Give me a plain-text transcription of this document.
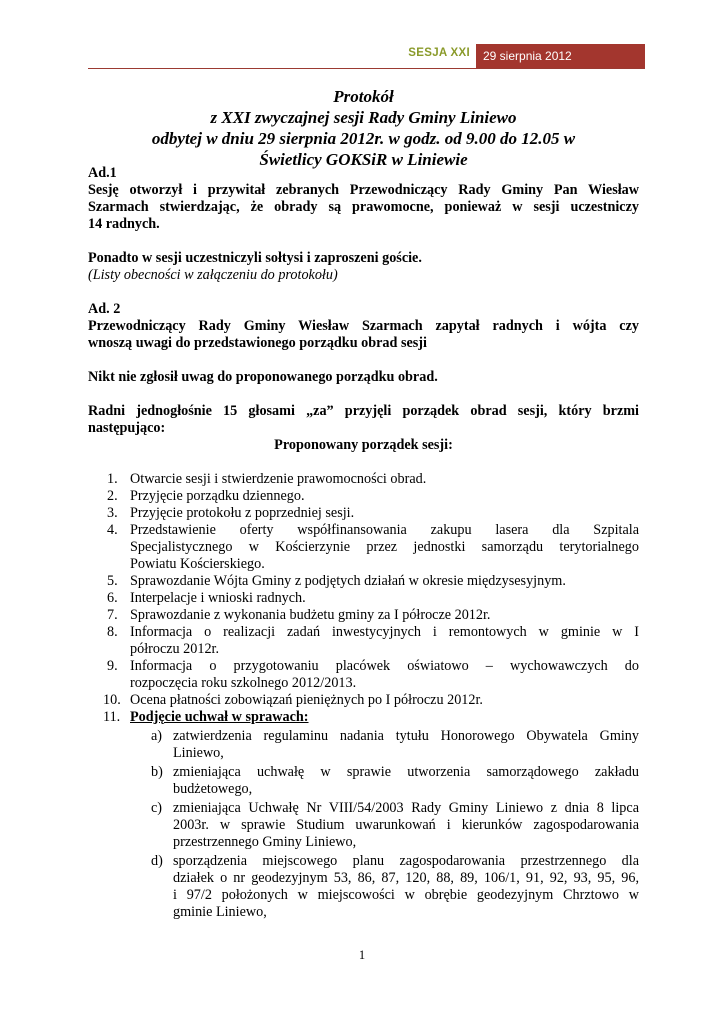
SESJA XXI	29 sierpnia 2012
Protokół
z XXI zwyczajnej sesji Rady Gminy Liniewo
odbytej w dniu 29 sierpnia 2012r. w godz. od 9.00 do 12.05 w
Świetlicy GOKSiR w Liniewie
Ad.1
Sesję otworzył i przywitał zebranych Przewodniczący Rady Gminy Pan Wiesław
Szarmach stwierdzając, że obrady są prawomocne, ponieważ w sesji uczestniczy
14 radnych.
Ponadto w sesji uczestniczyli sołtysi i zaproszeni goście.
(Listy obecności w załączeniu do protokołu)
Ad. 2
Przewodniczący Rady Gminy Wiesław Szarmach zapytał radnych i wójta czy
wnoszą uwagi do przedstawionego porządku obrad sesji
Nikt nie zgłosił uwag do proponowanego porządku obrad.
Radni jednogłośnie 15 głosami „za” przyjęli porządek obrad sesji, który brzmi
następująco:
Proponowany porządek sesji:
1. Otwarcie sesji i stwierdzenie prawomocności obrad.
2. Przyjęcie porządku dziennego.
3. Przyjęcie protokołu z poprzedniej sesji.
4. Przedstawienie oferty współfinansowania zakupu lasera dla Szpitala
Specjalistycznego w Kościerzynie przez jednostki samorządu terytorialnego
Powiatu Kościerskiego.
5. Sprawozdanie Wójta Gminy z podjętych działań w okresie międzysesyjnym.
6. Interpelacje i wnioski radnych.
7. Sprawozdanie z wykonania budżetu gminy za I półrocze 2012r.
8. Informacja o realizacji zadań inwestycyjnych i remontowych w gminie w I
półroczu 2012r.
9. Informacja o przygotowaniu placówek oświatowo – wychowawczych do
rozpoczęcia roku szkolnego 2012/2013.
10. Ocena płatności zobowiązań pieniężnych po I półroczu 2012r.
11. Podjęcie uchwał w sprawach:
a) zatwierdzenia regulaminu nadania tytułu Honorowego Obywatela Gminy
Liniewo,
b) zmieniająca uchwałę w sprawie utworzenia samorządowego zakładu
budżetowego,
c) zmieniająca Uchwałę Nr VIII/54/2003 Rady Gminy Liniewo z dnia 8 lipca
2003r. w sprawie Studium uwarunkowań i kierunków zagospodarowania
przestrzennego Gminy Liniewo,
d) sporządzenia miejscowego planu zagospodarowania przestrzennego dla
działek o nr geodezyjnym 53, 86, 87, 120, 88, 89, 106/1, 91, 92, 93, 95, 96,
i 97/2 położonych w miejscowości w obrębie geodezyjnym Chrztowo w
gminie Liniewo,
1
